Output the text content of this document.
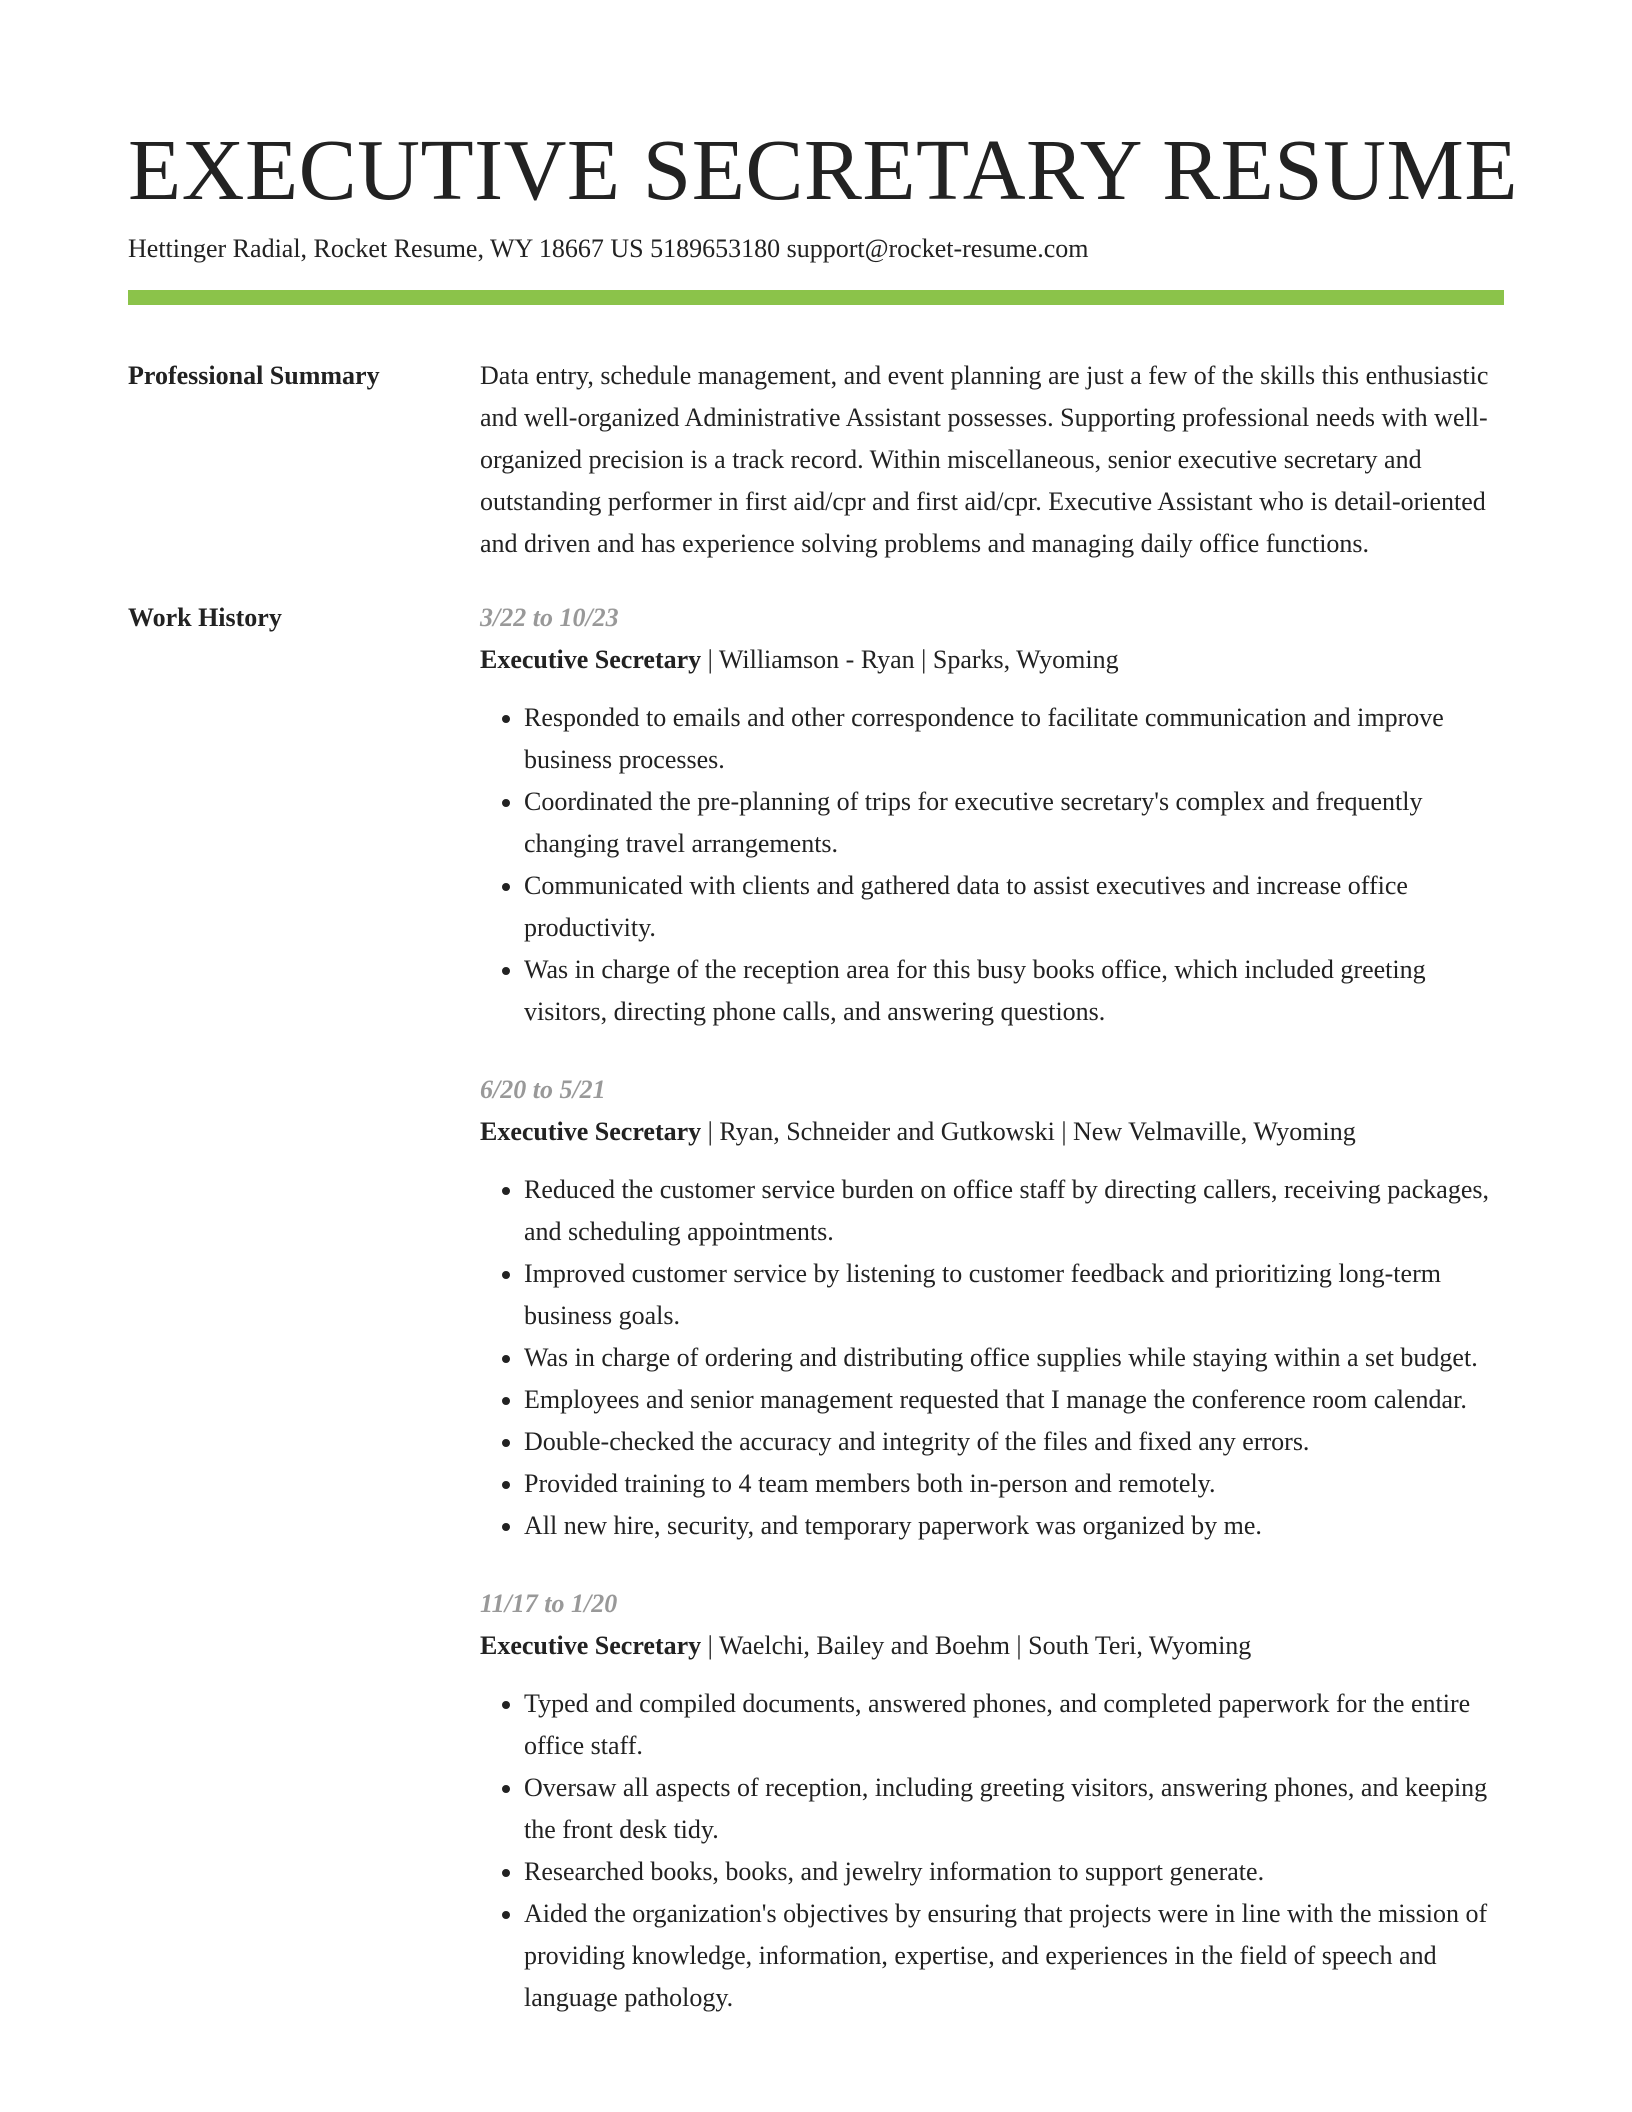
EXECUTIVE SECRETARY RESUME
Hettinger Radial, Rocket Resume, WY 18667 US 5189653180 support@rocket-resume.com
Professional Summary	Data entry, schedule management, and event planning are just a few of the skills this enthusiastic and well-organized Administrative Assistant possesses. Supporting professional needs with well-organized precision is a track record. Within miscellaneous, senior executive secretary and outstanding performer in first aid/cpr and first aid/cpr. Executive Assistant who is detail-oriented and driven and has experience solving problems and managing daily office functions.
Work History	3/22 to 10/23
Executive Secretary | Williamson - Ryan | Sparks, Wyoming
• Responded to emails and other correspondence to facilitate communication and improve business processes.
• Coordinated the pre-planning of trips for executive secretary's complex and frequently changing travel arrangements.
• Communicated with clients and gathered data to assist executives and increase office productivity.
• Was in charge of the reception area for this busy books office, which included greeting visitors, directing phone calls, and answering questions.
6/20 to 5/21
Executive Secretary | Ryan, Schneider and Gutkowski | New Velmaville, Wyoming
• Reduced the customer service burden on office staff by directing callers, receiving packages, and scheduling appointments.
• Improved customer service by listening to customer feedback and prioritizing long-term business goals.
• Was in charge of ordering and distributing office supplies while staying within a set budget.
• Employees and senior management requested that I manage the conference room calendar.
• Double-checked the accuracy and integrity of the files and fixed any errors.
• Provided training to 4 team members both in-person and remotely.
• All new hire, security, and temporary paperwork was organized by me.
11/17 to 1/20
Executive Secretary | Waelchi, Bailey and Boehm | South Teri, Wyoming
• Typed and compiled documents, answered phones, and completed paperwork for the entire office staff.
• Oversaw all aspects of reception, including greeting visitors, answering phones, and keeping the front desk tidy.
• Researched books, books, and jewelry information to support generate.
• Aided the organization's objectives by ensuring that projects were in line with the mission of providing knowledge, information, expertise, and experiences in the field of speech and language pathology.
